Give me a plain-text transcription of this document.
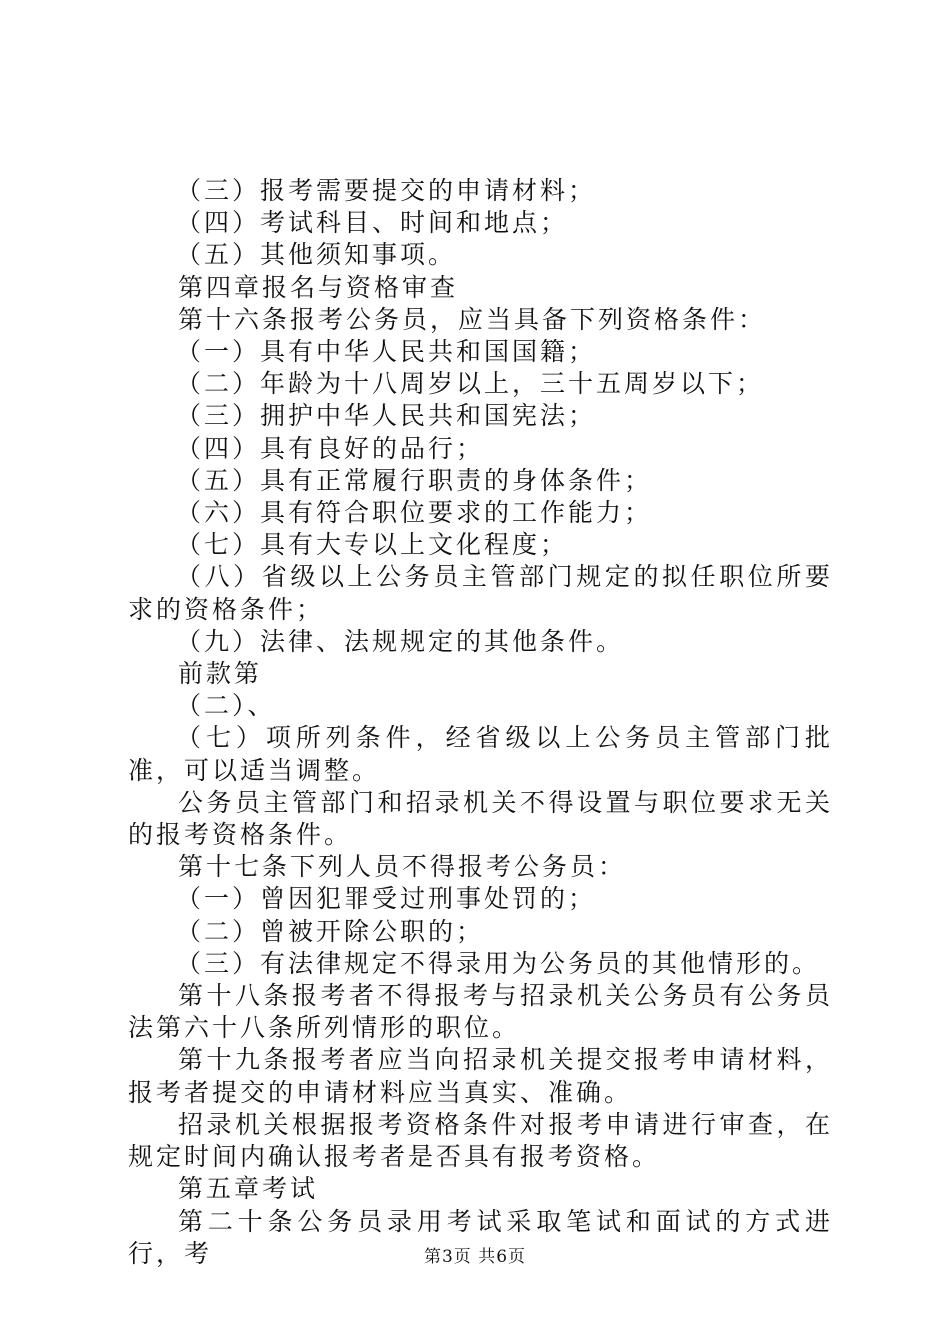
（三）报考需要提交的申请材料；

（四）考试科目、时间和地点；

（五）其他须知事项。

第四章报名与资格审查

第十六条报考公务员，应当具备下列资格条件：

（一）具有中华人民共和国国籍；

（二）年龄为十八周岁以上，三十五周岁以下；

（三）拥护中华人民共和国宪法；

（四）具有良好的品行；

（五）具有正常履行职责的身体条件；

（六）具有符合职位要求的工作能力；

（七）具有大专以上文化程度；

（八）省级以上公务员主管部门规定的拟任职位所要求的资格条件；

（九）法律、法规规定的其他条件。

前款第

（二）、

（七）项所列条件，经省级以上公务员主管部门批准，可以适当调整。

公务员主管部门和招录机关不得设置与职位要求无关的报考资格条件。

第十七条下列人员不得报考公务员：

（一）曾因犯罪受过刑事处罚的；

（二）曾被开除公职的；

（三）有法律规定不得录用为公务员的其他情形的。

第十八条报考者不得报考与招录机关公务员有公务员法第六十八条所列情形的职位。

第十九条报考者应当向招录机关提交报考申请材料，报考者提交的申请材料应当真实、准确。

招录机关根据报考资格条件对报考申请进行审查，在规定时间内确认报考者是否具有报考资格。

第五章考试

第二十条公务员录用考试采取笔试和面试的方式进行，考	第3页 共6页
